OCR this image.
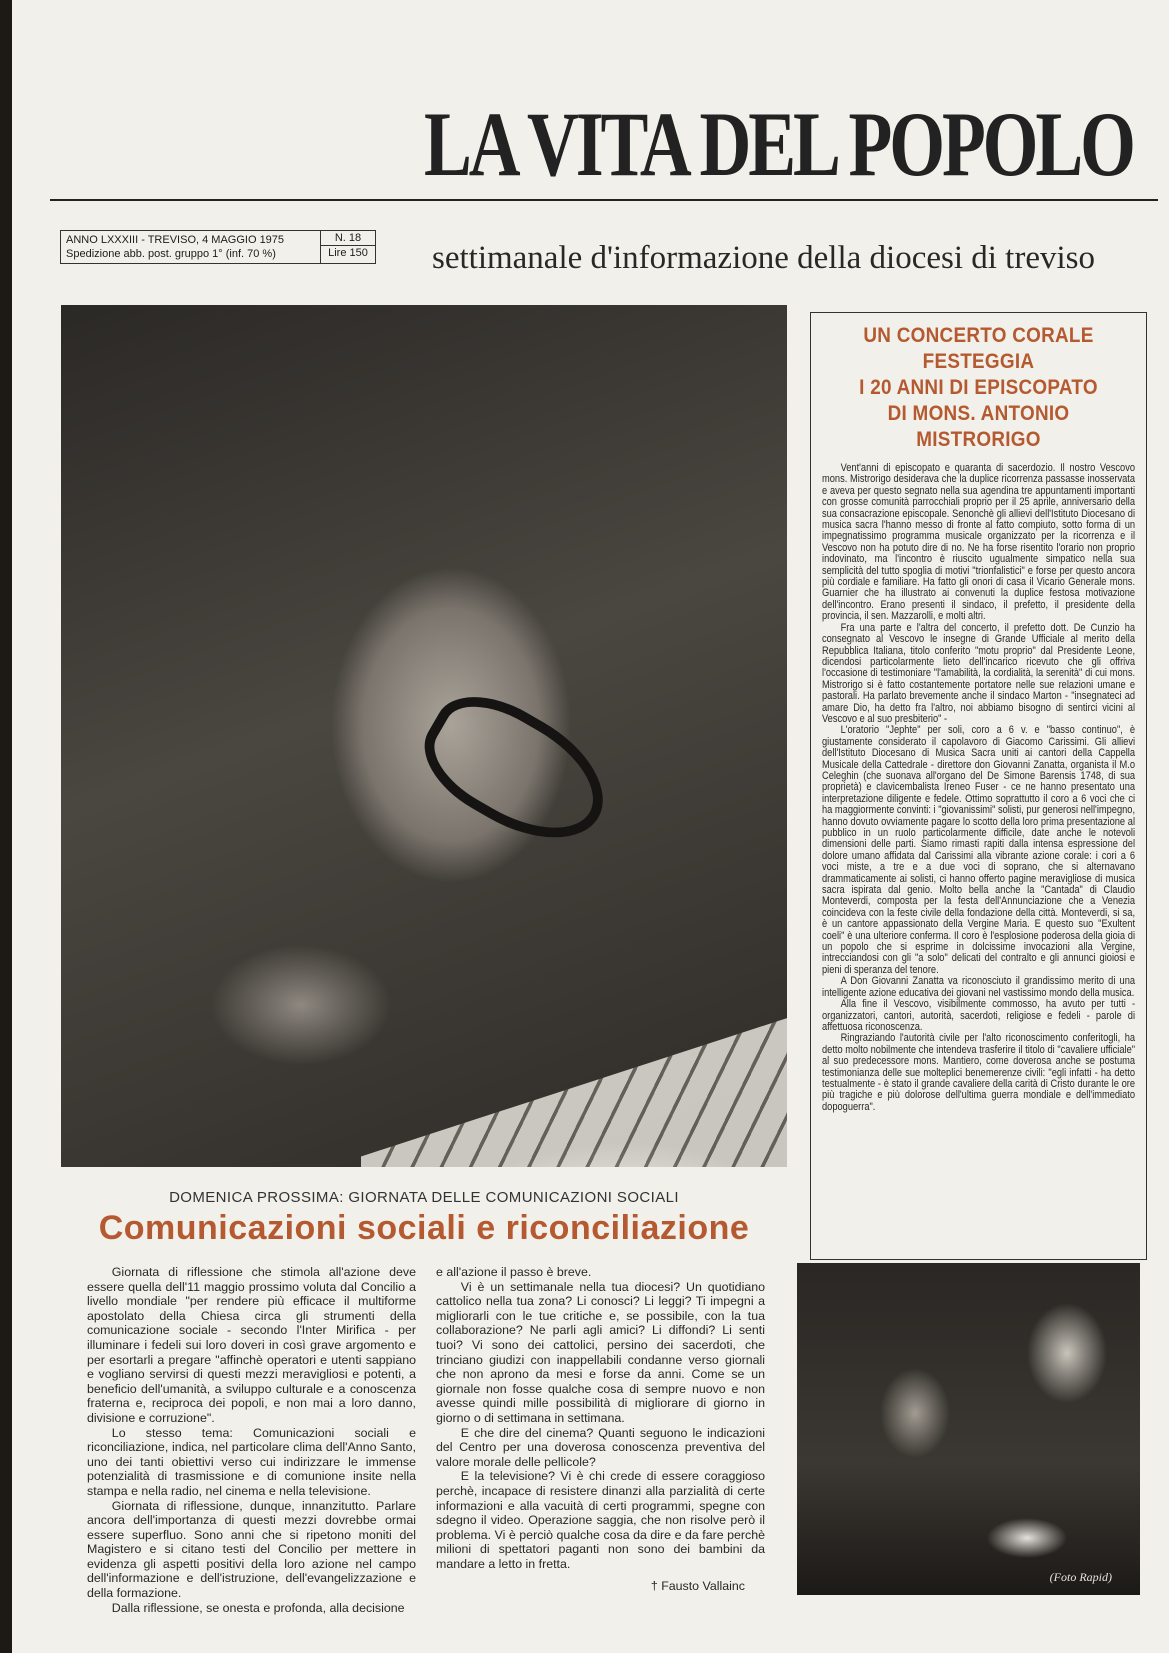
LA VITA DEL POPOLO
ANNO LXXXIII - TREVISO, 4 MAGGIO 1975
Spedizione abb. post. gruppo 1° (inf. 70 %)
N. 18
Lire 150 settimanale d'informazione della diocesi di treviso
DOMENICA PROSSIMA: GIORNATA DELLE COMUNICAZIONI SOCIALI
Comunicazioni sociali e riconciliazione

Giornata di riflessione che stimola all'azione deve essere quella dell'11 maggio prossimo voluta dal Concilio a livello mondiale "per rendere più efficace il multiforme apostolato della Chiesa circa gli strumenti della comunicazione sociale - secondo l'Inter Mirifica - per illuminare i fedeli sui loro doveri in così grave argomento e per esortarli a pregare "affinchè operatori e utenti sappiano e vogliano servirsi di questi mezzi meravigliosi e potenti, a beneficio dell'umanità, a sviluppo culturale e a conoscenza fraterna e, reciproca dei popoli, e non mai a loro danno, divisione e corruzione".

Lo stesso tema: Comunicazioni sociali e riconciliazione, indica, nel particolare clima dell'Anno Santo, uno dei tanti obiettivi verso cui indirizzare le immense potenzialità di trasmissione e di comunione insite nella stampa e nella radio, nel cinema e nella televisione.

Giornata di riflessione, dunque, innanzitutto. Parlare ancora dell'importanza di questi mezzi dovrebbe ormai essere superfluo. Sono anni che si ripetono moniti del Magistero e si citano testi del Concilio per mettere in evidenza gli aspetti positivi della loro azione nel campo dell'informazione e dell'istruzione, dell'evangelizzazione e della formazione.

Dalla riflessione, se onesta e profonda, alla decisione

e all'azione il passo è breve.

Vi è un settimanale nella tua diocesi? Un quotidiano cattolico nella tua zona? Li conosci? Li leggi? Ti impegni a migliorarli con le tue critiche e, se possibile, con la tua collaborazione? Ne parli agli amici? Li diffondi? Li senti tuoi? Vi sono dei cattolici, persino dei sacerdoti, che trinciano giudizi con inappellabili condanne verso giornali che non aprono da mesi e forse da anni. Come se un giornale non fosse qualche cosa di sempre nuovo e non avesse quindi mille possibilità di migliorare di giorno in giorno o di settimana in settimana.

E che dire del cinema? Quanti seguono le indicazioni del Centro per una doverosa conoscenza preventiva del valore morale delle pellicole?

E la televisione? Vi è chi crede di essere coraggioso perchè, incapace di resistere dinanzi alla parzialità di certe informazioni e alla vacuità di certi programmi, spegne con sdegno il video. Operazione saggia, che non risolve però il problema. Vi è perciò qualche cosa da dire e da fare perchè milioni di spettatori paganti non sono dei bambini da mandare a letto in fretta.

† Fausto Vallainc
UN CONCERTO CORALE FESTEGGIA
I 20 ANNI DI EPISCOPATO
DI MONS. ANTONIO MISTRORIGO

Vent'anni di episcopato e quaranta di sacerdozio. Il nostro Vescovo mons. Mistrorigo desiderava che la duplice ricorrenza passasse inosservata e aveva per questo segnato nella sua agendina tre appuntamenti importanti con grosse comunità parrocchiali proprio per il 25 aprile, anniversario della sua consacrazione episcopale. Senonchè gli allievi dell'Istituto Diocesano di musica sacra l'hanno messo di fronte al fatto compiuto, sotto forma di un impegnatissimo programma musicale organizzato per la ricorrenza e il Vescovo non ha potuto dire di no. Ne ha forse risentito l'orario non proprio indovinato, ma l'incontro è riuscito ugualmente simpatico nella sua semplicità del tutto spoglia di motivi "trionfalistici" e forse per questo ancora più cordiale e familiare. Ha fatto gli onori di casa il Vicario Generale mons. Guarnier che ha illustrato ai convenuti la duplice festosa motivazione dell'incontro. Erano presenti il sindaco, il prefetto, il presidente della provincia, il sen. Mazzarolli, e molti altri.

Fra una parte e l'altra del concerto, il prefetto dott. De Cunzio ha consegnato al Vescovo le insegne di Grande Ufficiale al merito della Repubblica Italiana, titolo conferito "motu proprio" dal Presidente Leone, dicendosi particolarmente lieto dell'incarico ricevuto che gli offriva l'occasione di testimoniare "l'amabilità, la cordialità, la serenità" di cui mons. Mistrorigo si è fatto costantemente portatore nelle sue relazioni umane e pastorali. Ha parlato brevemente anche il sindaco Marton - "insegnateci ad amare Dio, ha detto fra l'altro, noi abbiamo bisogno di sentirci vicini al Vescovo e al suo presbiterio" -

L'oratorio "Jephte" per soli, coro a 6 v. e "basso continuo", è giustamente considerato il capolavoro di Giacomo Carissimi. Gli allievi dell'Istituto Diocesano di Musica Sacra uniti ai cantori della Cappella Musicale della Cattedrale - direttore don Giovanni Zanatta, organista il M.o Celeghin (che suonava all'organo del De Simone Barensis 1748, di sua proprietà) e clavicembalista Ireneo Fuser - ce ne hanno presentato una interpretazione diligente e fedele. Ottimo soprattutto il coro a 6 voci che ci ha maggiormente convinti: i "giovanissimi" solisti, pur generosi nell'impegno, hanno dovuto ovviamente pagare lo scotto della loro prima presentazione al pubblico in un ruolo particolarmente difficile, date anche le notevoli dimensioni delle parti. Siamo rimasti rapiti dalla intensa espressione del dolore umano affidata dal Carissimi alla vibrante azione corale: i cori a 6 voci miste, a tre e a due voci di soprano, che si alternavano drammaticamente ai solisti, ci hanno offerto pagine meravigliose di musica sacra ispirata dal genio. Molto bella anche la "Cantada" di Claudio Monteverdi, composta per la festa dell'Annunciazione che a Venezia coincideva con la feste civile della fondazione della città. Monteverdi, si sa, è un cantore appassionato della Vergine Maria. E questo suo "Exultent coeli" è una ulteriore conferma. Il coro è l'esplosione poderosa della gioia di un popolo che si esprime in dolcissime invocazioni alla Vergine, intrecciandosi con gli "a solo" delicati del contralto e gli annunci gioiosi e pieni di speranza del tenore.

A Don Giovanni Zanatta va riconosciuto il grandissimo merito di una intelligente azione educativa dei giovani nel vastissimo mondo della musica.

Alla fine il Vescovo, visibilmente commosso, ha avuto per tutti - organizzatori, cantori, autorità, sacerdoti, religiose e fedeli - parole di affettuosa riconoscenza.

Ringraziando l'autorità civile per l'alto riconoscimento conferitogli, ha detto molto nobilmente che intendeva trasferire il titolo di "cavaliere ufficiale" al suo predecessore mons. Mantiero, come doverosa anche se postuma testimonianza delle sue molteplici benemerenze civili: "egli infatti - ha detto testualmente - è stato il grande cavaliere della carità di Cristo durante le ore più tragiche e più dolorose dell'ultima guerra mondiale e dell'immediato dopoguerra".

(Foto Rapid)
